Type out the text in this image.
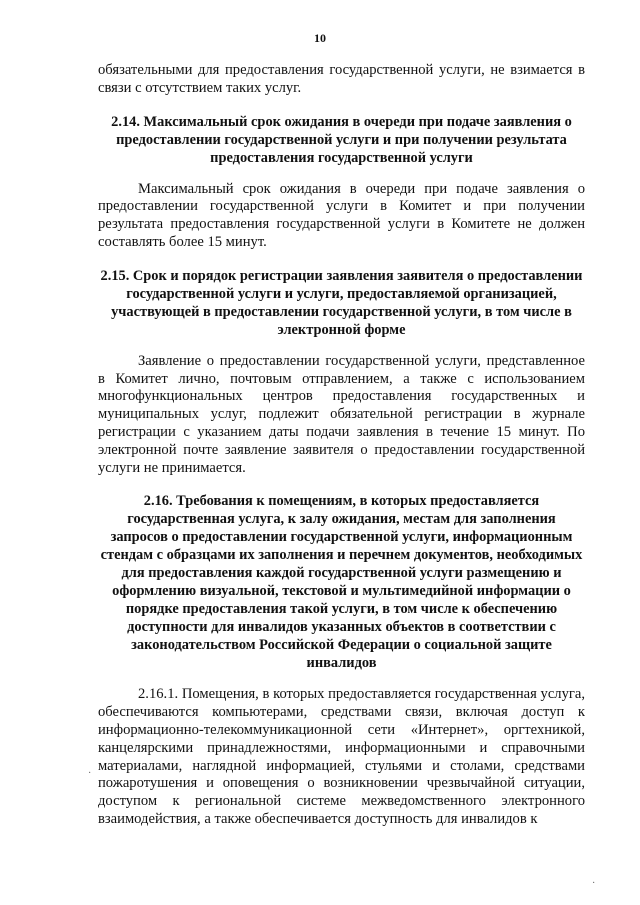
10

обязательными для предоставления государственной услуги, не взимается в связи с отсутствием таких услуг.

2.14. Максимальный срок ожидания в очереди при подаче заявления о предоставлении государственной услуги и при получении результата предоставления государственной услуги

Максимальный срок ожидания в очереди при подаче заявления о предоставлении государственной услуги в Комитет и при получении результата предоставления государственной услуги в Комитете не должен составлять более 15 минут.

2.15. Срок и порядок регистрации заявления заявителя о предоставлении государственной услуги и услуги, предоставляемой организацией, участвующей в предоставлении государственной услуги, в том числе в электронной форме

Заявление о предоставлении государственной услуги, представленное в Комитет лично, почтовым отправлением, а также с использованием многофункциональных центров предоставления государственных и муниципальных услуг, подлежит обязательной регистрации в журнале регистрации с указанием даты подачи заявления в течение 15 минут. По электронной почте заявление заявителя о предоставлении государственной услуги не принимается.

2.16. Требования к помещениям, в которых предоставляется государственная услуга, к залу ожидания, местам для заполнения запросов о предоставлении государственной услуги, информационным стендам с образцами их заполнения и перечнем документов, необходимых для предоставления каждой государственной услуги размещению и оформлению визуальной, текстовой и мультимедийной информации о порядке предоставления такой услуги, в том числе к обеспечению доступности для инвалидов указанных объектов в соответствии с законодательством Российской Федерации о социальной защите инвалидов

2.16.1. Помещения, в которых предоставляется государственная услуга, обеспечиваются компьютерами, средствами связи, включая доступ к информационно-телекоммуникационной сети «Интернет», оргтехникой, канцелярскими принадлежностями, информационными и справочными материалами, наглядной информацией, стульями и столами, средствами пожаротушения и оповещения о возникновении чрезвычайной ситуации, доступом к региональной системе межведомственного электронного взаимодействия, а также обеспечивается доступность для инвалидов к

·
·
